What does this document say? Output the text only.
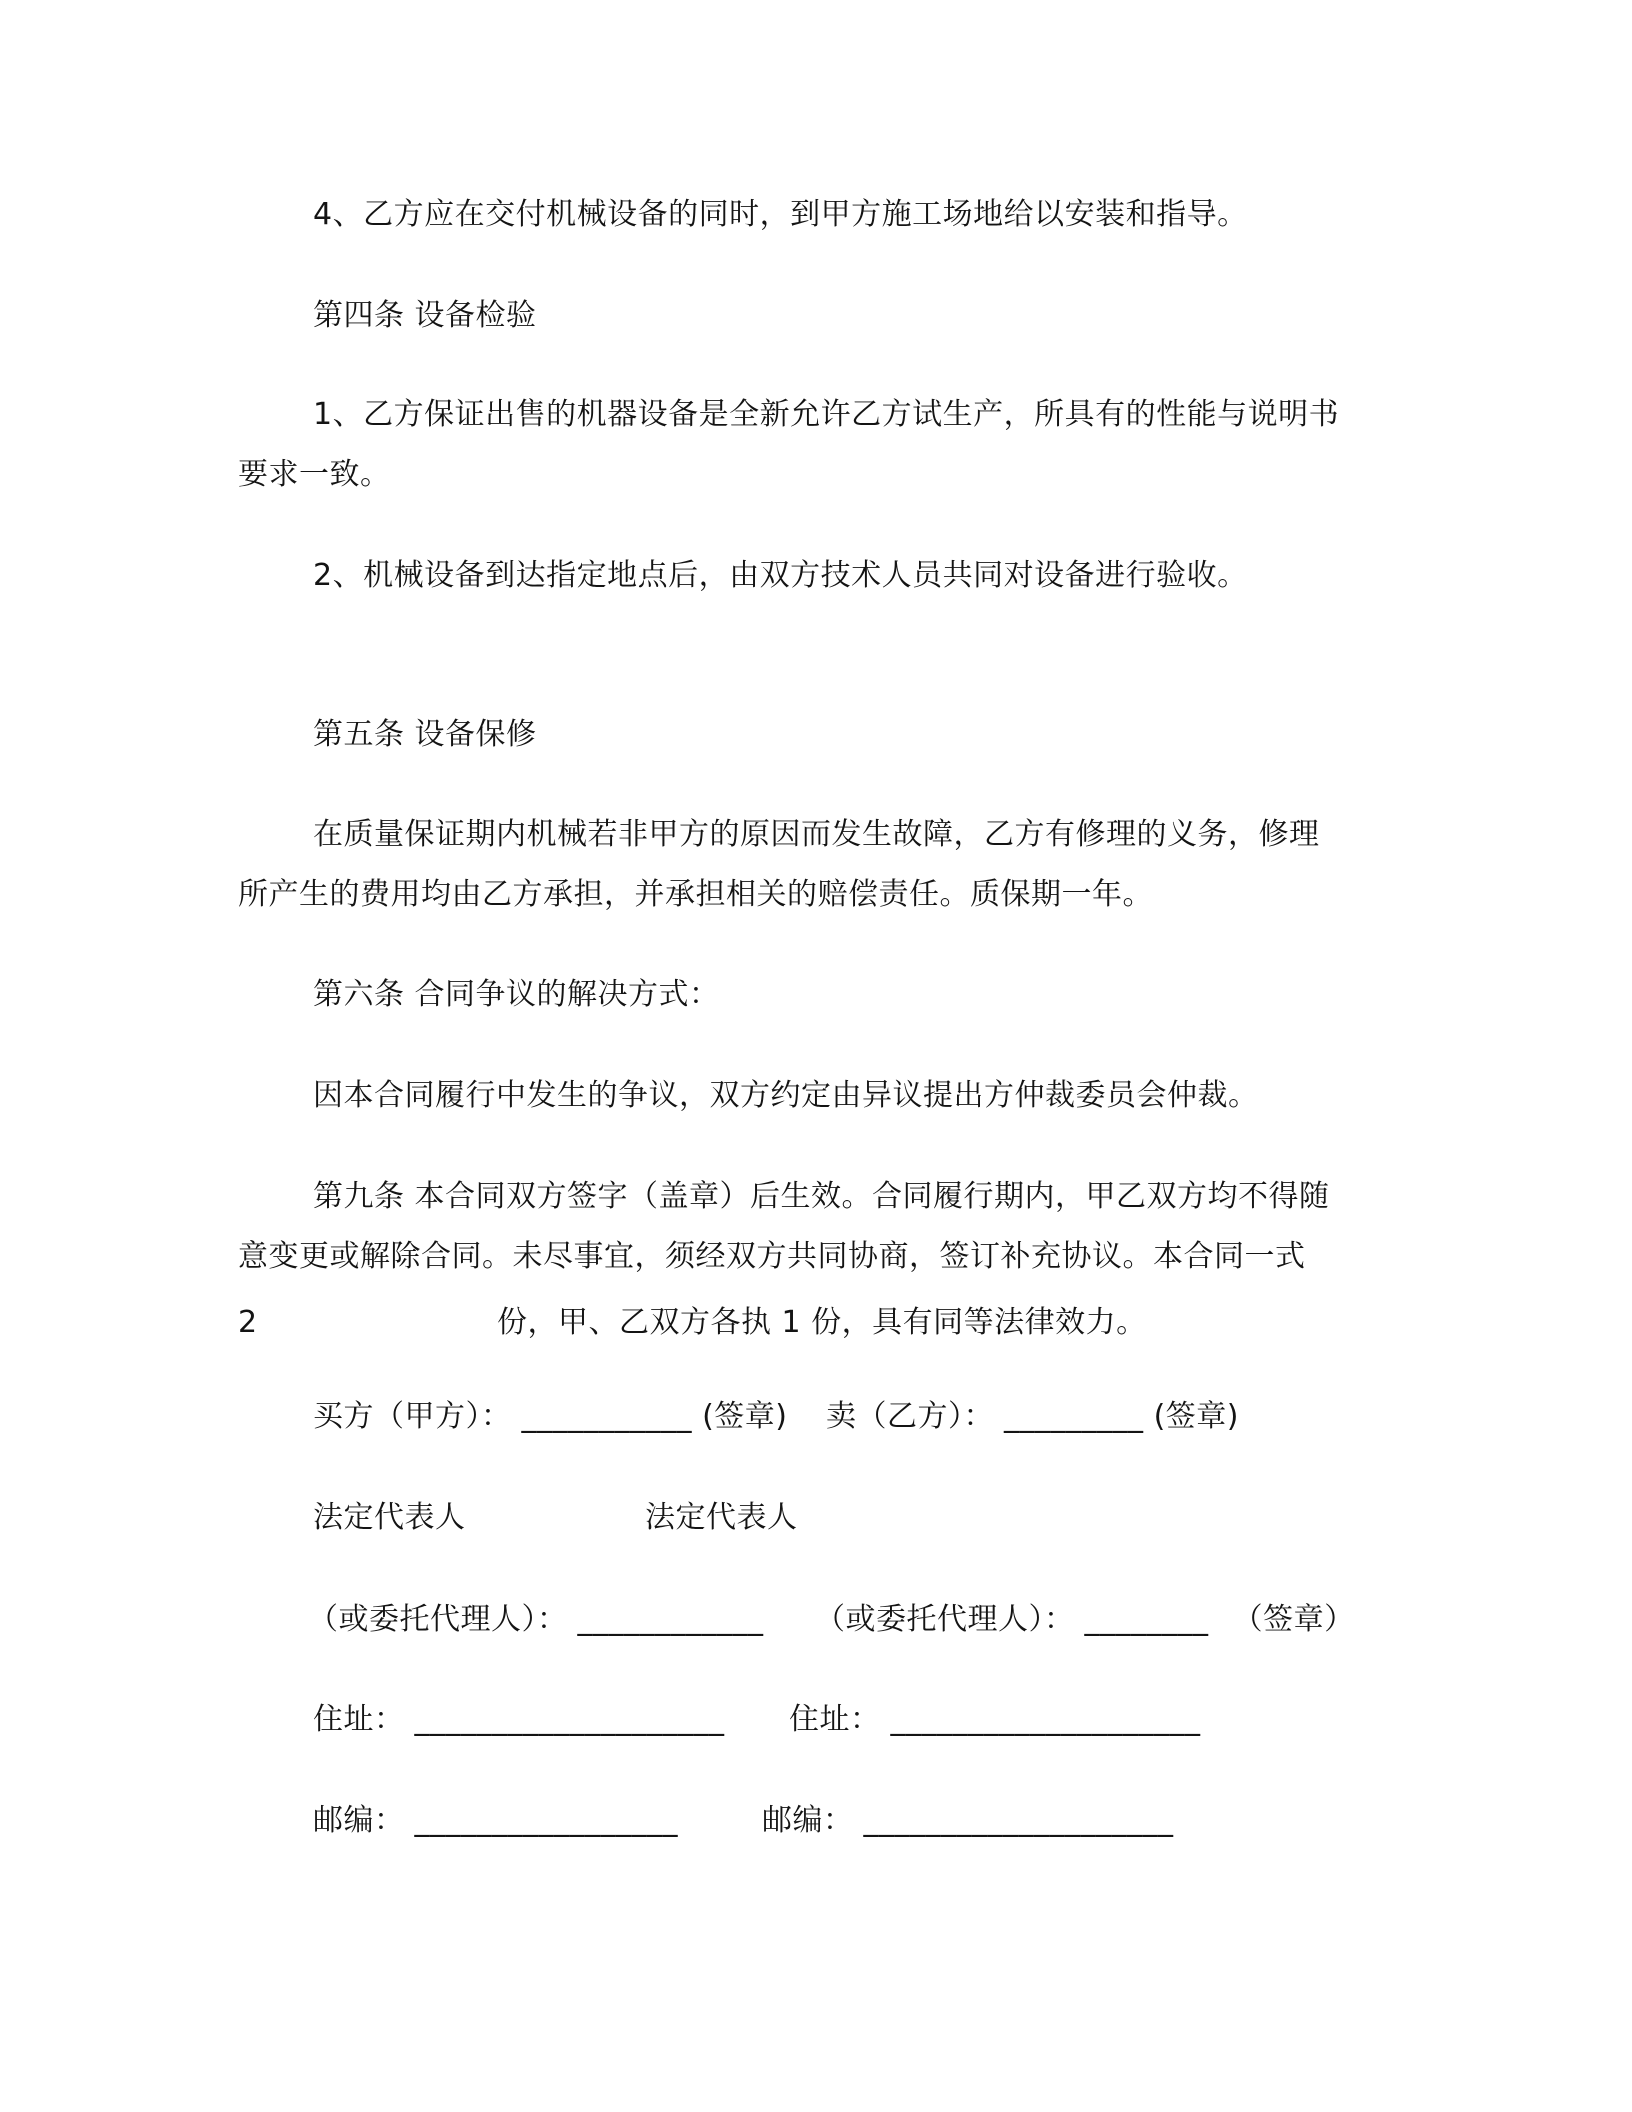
4、乙方应在交付机械设备的同时，到甲方施工场地给以安装和指导。
第四条 设备检验
1、乙方保证出售的机器设备是全新允许乙方试生产，所具有的性能与说明书
要求一致。
2、机械设备到达指定地点后，由双方技术人员共同对设备进行验收。
第五条 设备保修
在质量保证期内机械若非甲方的原因而发生故障，乙方有修理的义务，修理
所产生的费用均由乙方承担，并承担相关的赔偿责任。质保期一年。
第六条 合同争议的解决方式：
因本合同履行中发生的争议，双方约定由异议提出方仲裁委员会仲裁。
第九条 本合同双方签字（盖章）后生效。合同履行期内，甲乙双方均不得随
意变更或解除合同。未尽事宜，须经双方共同协商，签订补充协议。本合同一式
2	份，甲、乙双方各执 1 份，具有同等法律效力。
买方（甲方）： ___________ (签章) 卖（乙方）： _________ (签章)
法定代表人	法定代表人
（或委托代理人）： ____________ （或委托代理人）： ________ （签章）
住址： ____________________ 住址： ____________________
邮编： _________________	邮编： ____________________
